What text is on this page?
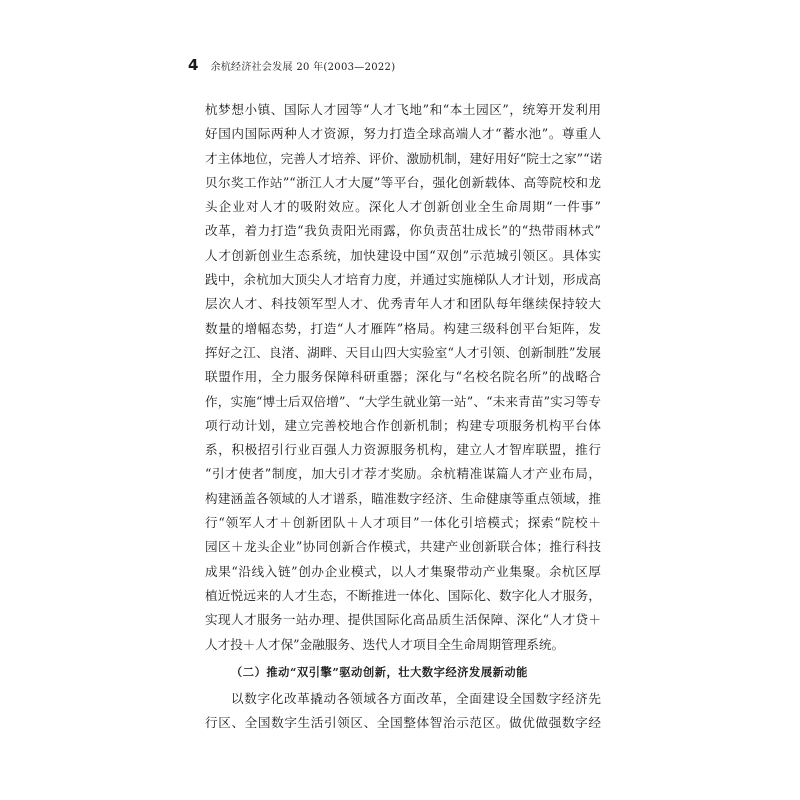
4 余杭经济社会发展 20 年(2003—2022)
杭梦想小镇、国际人才园等“人才飞地”和“本土园区”，统筹开发利用
好国内国际两种人才资源，努力打造全球高端人才“蓄水池”。尊重人
才主体地位，完善人才培养、评价、激励机制，建好用好“院士之家”“诺
贝尔奖工作站”“浙江人才大厦”等平台，强化创新载体、高等院校和龙
头企业对人才的吸附效应。深化人才创新创业全生命周期“一件事”
改革，着力打造“我负责阳光雨露，你负责茁壮成长”的“热带雨林式”
人才创新创业生态系统，加快建设中国“双创”示范城引领区。具体实
践中，余杭加大顶尖人才培育力度，并通过实施梯队人才计划，形成高
层次人才、科技领军型人才、优秀青年人才和团队每年继续保持较大
数量的增幅态势，打造“人才雁阵”格局。构建三级科创平台矩阵，发
挥好之江、良渚、湖畔、天目山四大实验室“人才引领、创新制胜”发展
联盟作用，全力服务保障科研重器；深化与“名校名院名所”的战略合
作，实施“博士后双倍增”、“大学生就业第一站”、“未来青苗”实习等专
项行动计划，建立完善校地合作创新机制；构建专项服务机构平台体
系，积极招引行业百强人力资源服务机构，建立人才智库联盟，推行
“引才使者”制度，加大引才荐才奖励。余杭精准谋篇人才产业布局，
构建涵盖各领域的人才谱系，瞄准数字经济、生命健康等重点领域，推
行“领军人才＋创新团队＋人才项目”一体化引培模式；探索“院校＋
园区＋龙头企业”协同创新合作模式，共建产业创新联合体；推行科技
成果“沿线入链”创办企业模式，以人才集聚带动产业集聚。余杭区厚
植近悦远来的人才生态，不断推进一体化、国际化、数字化人才服务，
实现人才服务一站办理、提供国际化高品质生活保障、深化“人才贷＋
人才投＋人才保”金融服务、迭代人才项目全生命周期管理系统。
（二）推动“双引擎”驱动创新，壮大数字经济发展新动能
以数字化改革撬动各领域各方面改革，全面建设全国数字经济先
行区、全国数字生活引领区、全国整体智治示范区。做优做强数字经
